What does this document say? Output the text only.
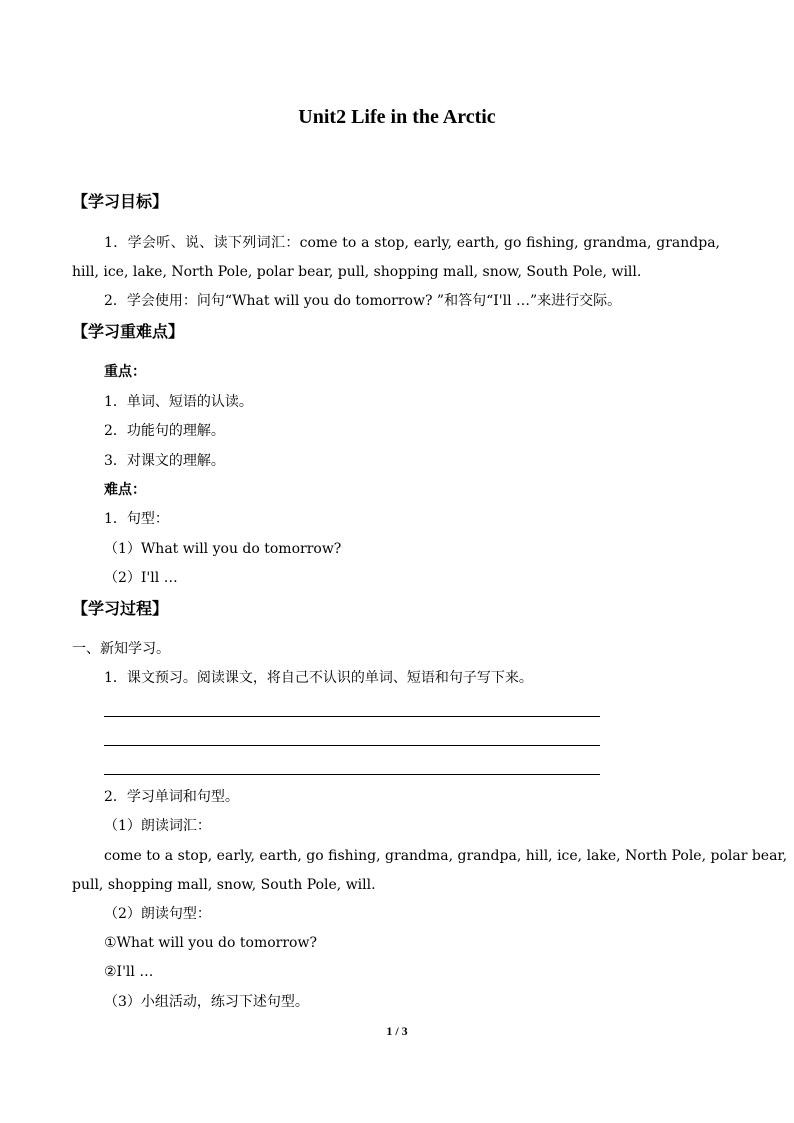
Unit2 Life in the Arctic
【学习目标】
1．学会听、说、读下列词汇：come to a stop, early, earth, go fishing, grandma, grandpa,
hill, ice, lake, North Pole, polar bear, pull, shopping mall, snow, South Pole, will.
2．学会使用：问句“What will you do tomorrow? ”和答句“I'll …”来进行交际。
【学习重难点】
重点：
1．单词、短语的认读。
2．功能句的理解。
3．对课文的理解。
难点：
1．句型：
（1）What will you do tomorrow?
（2）I'll …
【学习过程】
一、新知学习。
1．课文预习。阅读课文，将自己不认识的单词、短语和句子写下来。
2．学习单词和句型。
（1）朗读词汇：
come to a stop, early, earth, go fishing, grandma, grandpa, hill, ice, lake, North Pole, polar bear,
pull, shopping mall, snow, South Pole, will.
（2）朗读句型：
①What will you do tomorrow?
②I'll …
（3）小组活动，练习下述句型。
1 / 3
